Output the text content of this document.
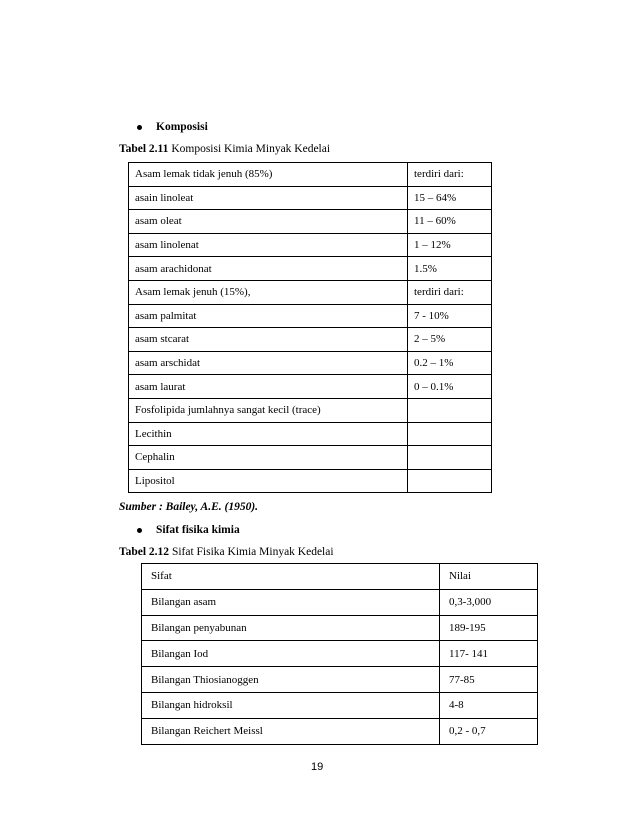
Komposisi
Tabel 2.11 Komposisi Kimia Minyak Kedelai
Asam lemak tidak jenuh (85%)	terdiri dari:
asain linoleat	15 – 64%
asam oleat	11 – 60%
asam linolenat	1 – 12%
asam arachidonat	1.5%
Asam lemak jenuh (15%),	terdiri dari:
asam palmitat	7 - 10%
asam stcarat	2 – 5%
asam arschidat	0.2 – 1%
asam laurat	0 – 0.1%
Fosfolipida jumlahnya sangat kecil (trace)	
Lecithin	
Cephalin	
Lipositol	
Sumber : Bailey, A.E. (1950).
Sifat fisika kimia
Tabel 2.12 Sifat Fisika Kimia Minyak Kedelai
Sifat	Nilai
Bilangan asam	0,3-3,000
Bilangan penyabunan	189-195
Bilangan Iod	117- 141
Bilangan Thiosianoggen	77-85
Bilangan hidroksil	4-8
Bilangan Reichert Meissl	0,2 - 0,7
19
